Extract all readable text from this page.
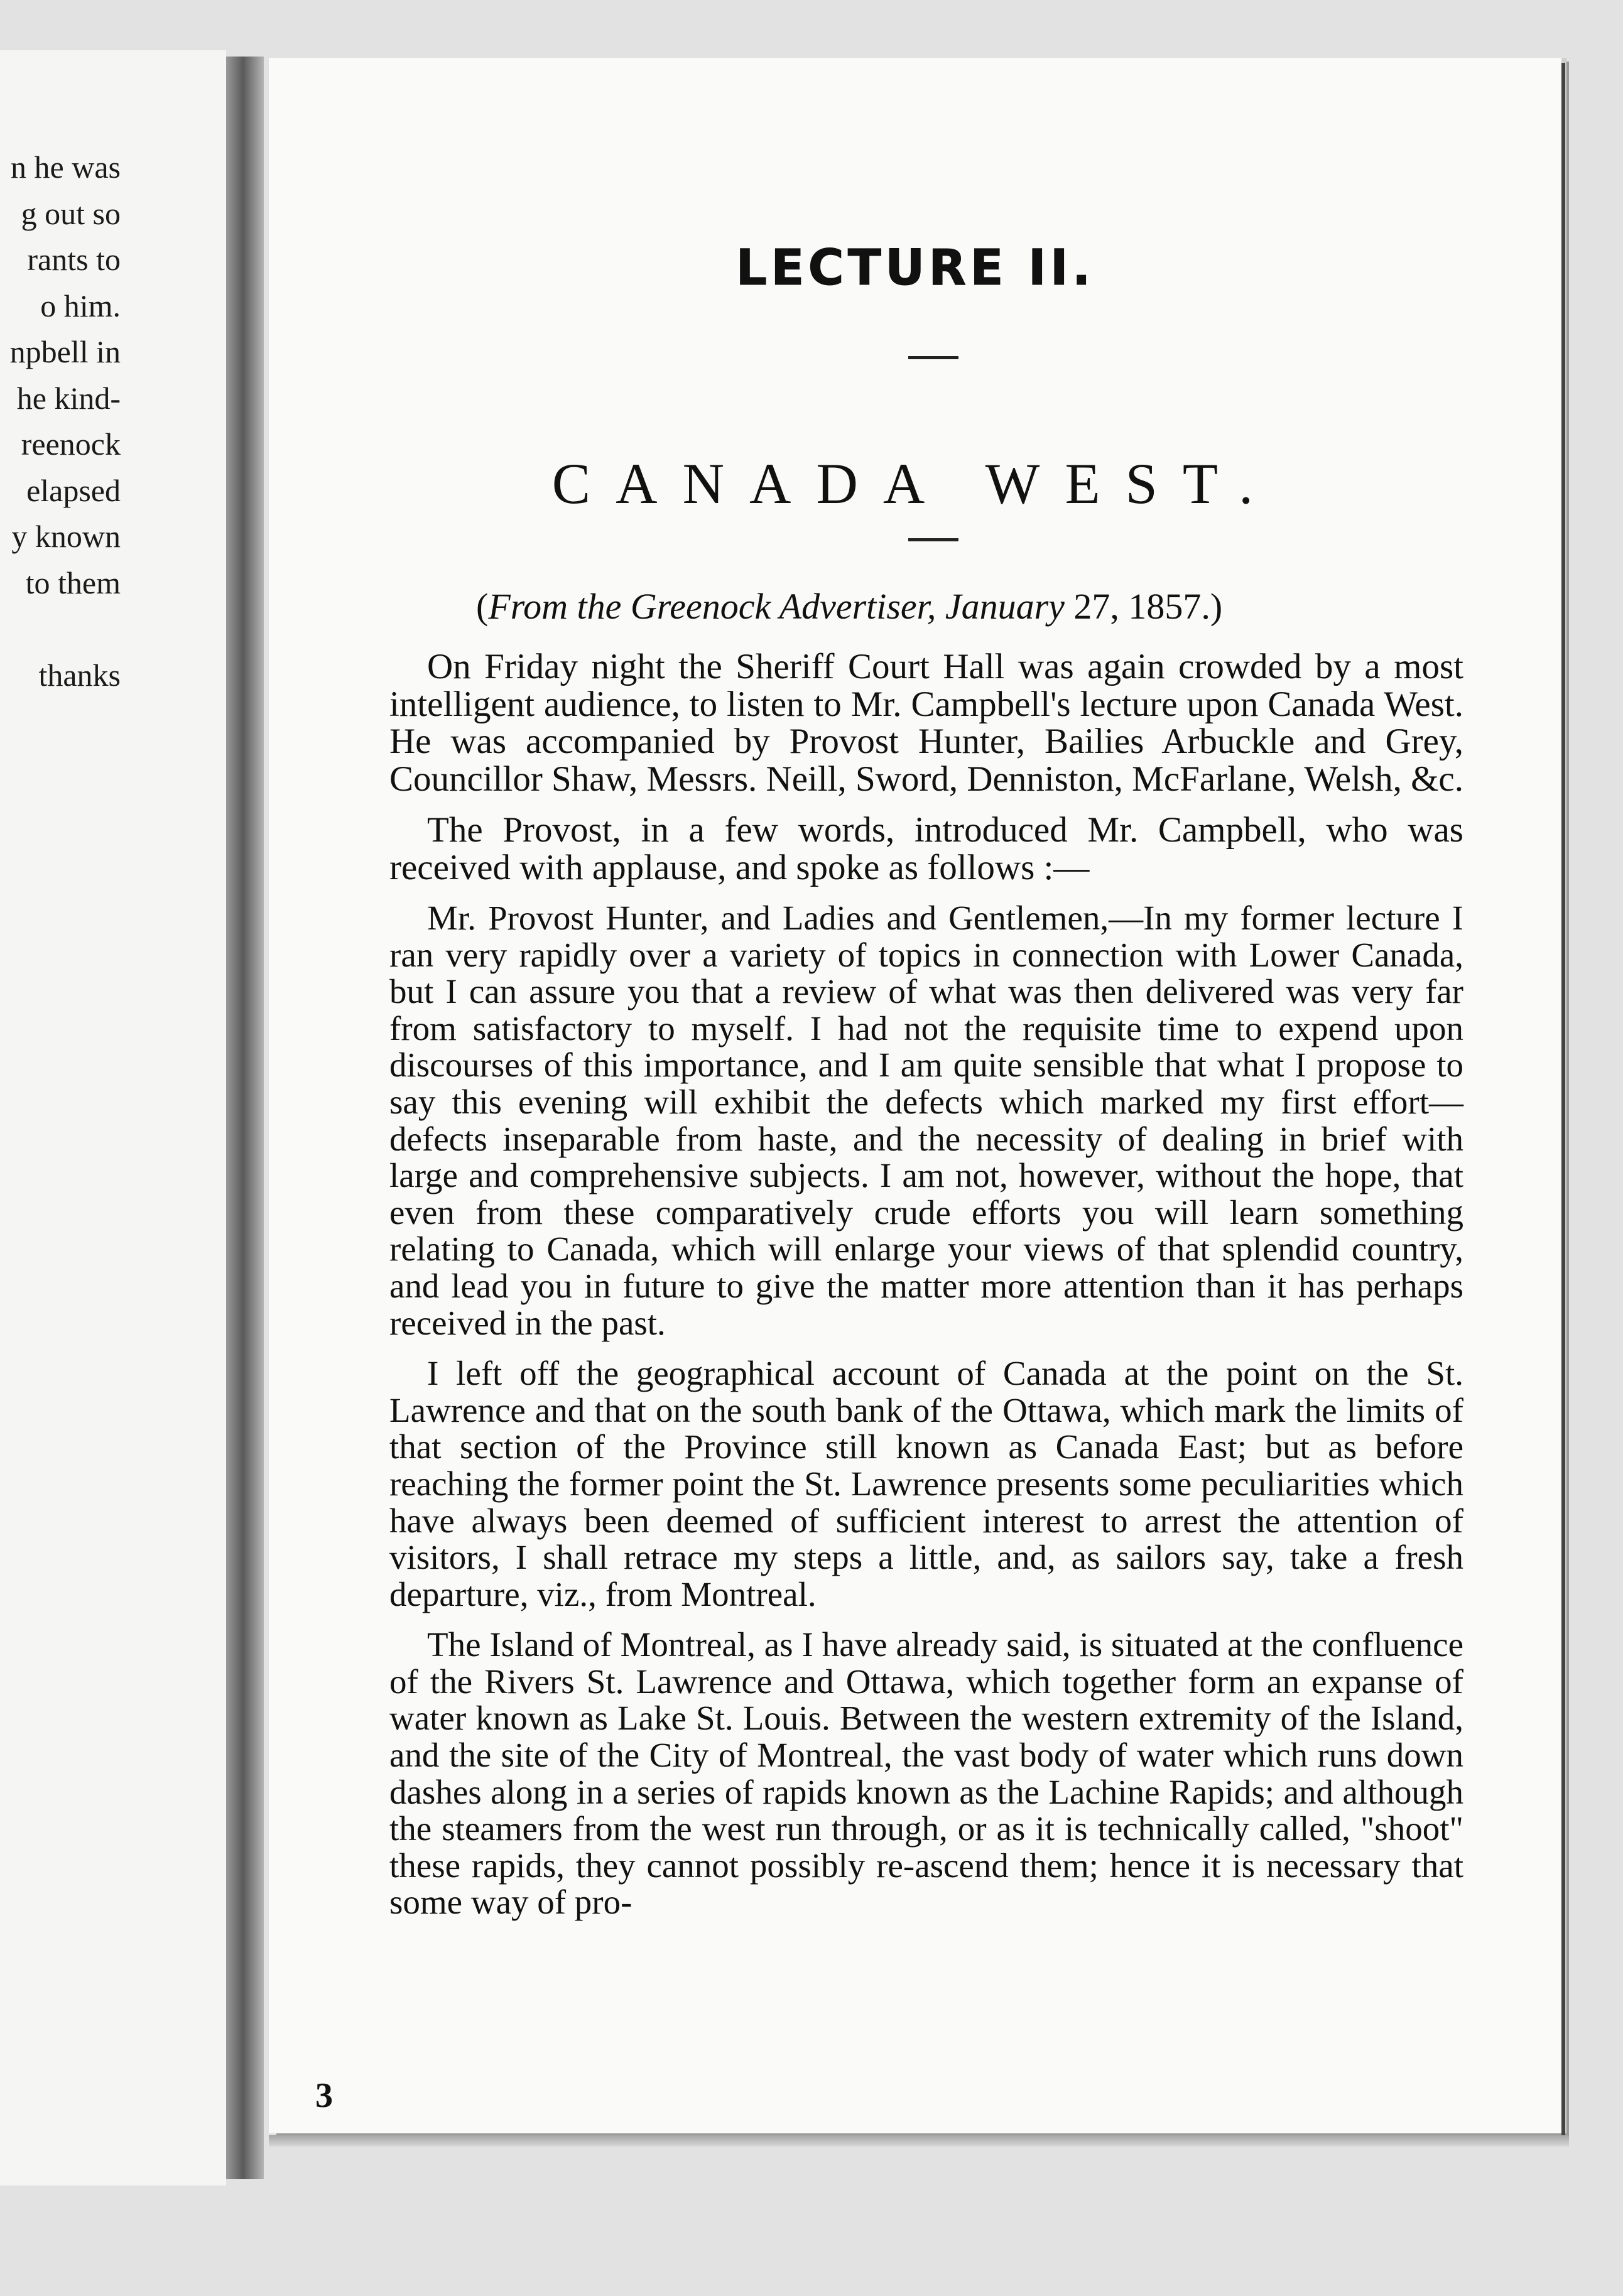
n he was
g out so
rants to
o him.
npbell in
he kind-
reenock
elapsed
y known
to them
thanks
LECTURE II.
CANADA WEST.
(From the Greenock Advertiser, January 27, 1857.)

On Friday night the Sheriff Court Hall was again crowded by a most intelligent audience, to listen to Mr. Campbell's lecture upon Canada West. He was accompanied by Provost Hunter, Bailies Arbuckle and Grey, Councillor Shaw, Messrs. Neill, Sword, Denniston, McFarlane, Welsh, &c.

The Provost, in a few words, introduced Mr. Campbell, who was received with applause, and spoke as follows :—

Mr. Provost Hunter, and Ladies and Gentlemen,—In my former lecture I ran very rapidly over a variety of topics in connection with Lower Canada, but I can assure you that a review of what was then delivered was very far from satisfactory to myself. I had not the requisite time to expend upon discourses of this importance, and I am quite sensible that what I propose to say this evening will exhibit the defects which marked my first effort—defects inseparable from haste, and the necessity of dealing in brief with large and comprehensive subjects. I am not, however, without the hope, that even from these comparatively crude efforts you will learn something relating to Canada, which will enlarge your views of that splendid country, and lead you in future to give the matter more attention than it has perhaps received in the past.

I left off the geographical account of Canada at the point on the St. Lawrence and that on the south bank of the Ottawa, which mark the limits of that section of the Province still known as Canada East; but as before reaching the former point the St. Lawrence presents some peculiarities which have always been deemed of sufficient interest to arrest the attention of visitors, I shall retrace my steps a little, and, as sailors say, take a fresh departure, viz., from Montreal.

The Island of Montreal, as I have already said, is situated at the confluence of the Rivers St. Lawrence and Ottawa, which together form an expanse of water known as Lake St. Louis. Between the western extremity of the Island, and the site of the City of Montreal, the vast body of water which runs down dashes along in a series of rapids known as the Lachine Rapids; and although the steamers from the west run through, or as it is technically called, "shoot" these rapids, they cannot possibly re-ascend them; hence it is necessary that some way of pro-

3
